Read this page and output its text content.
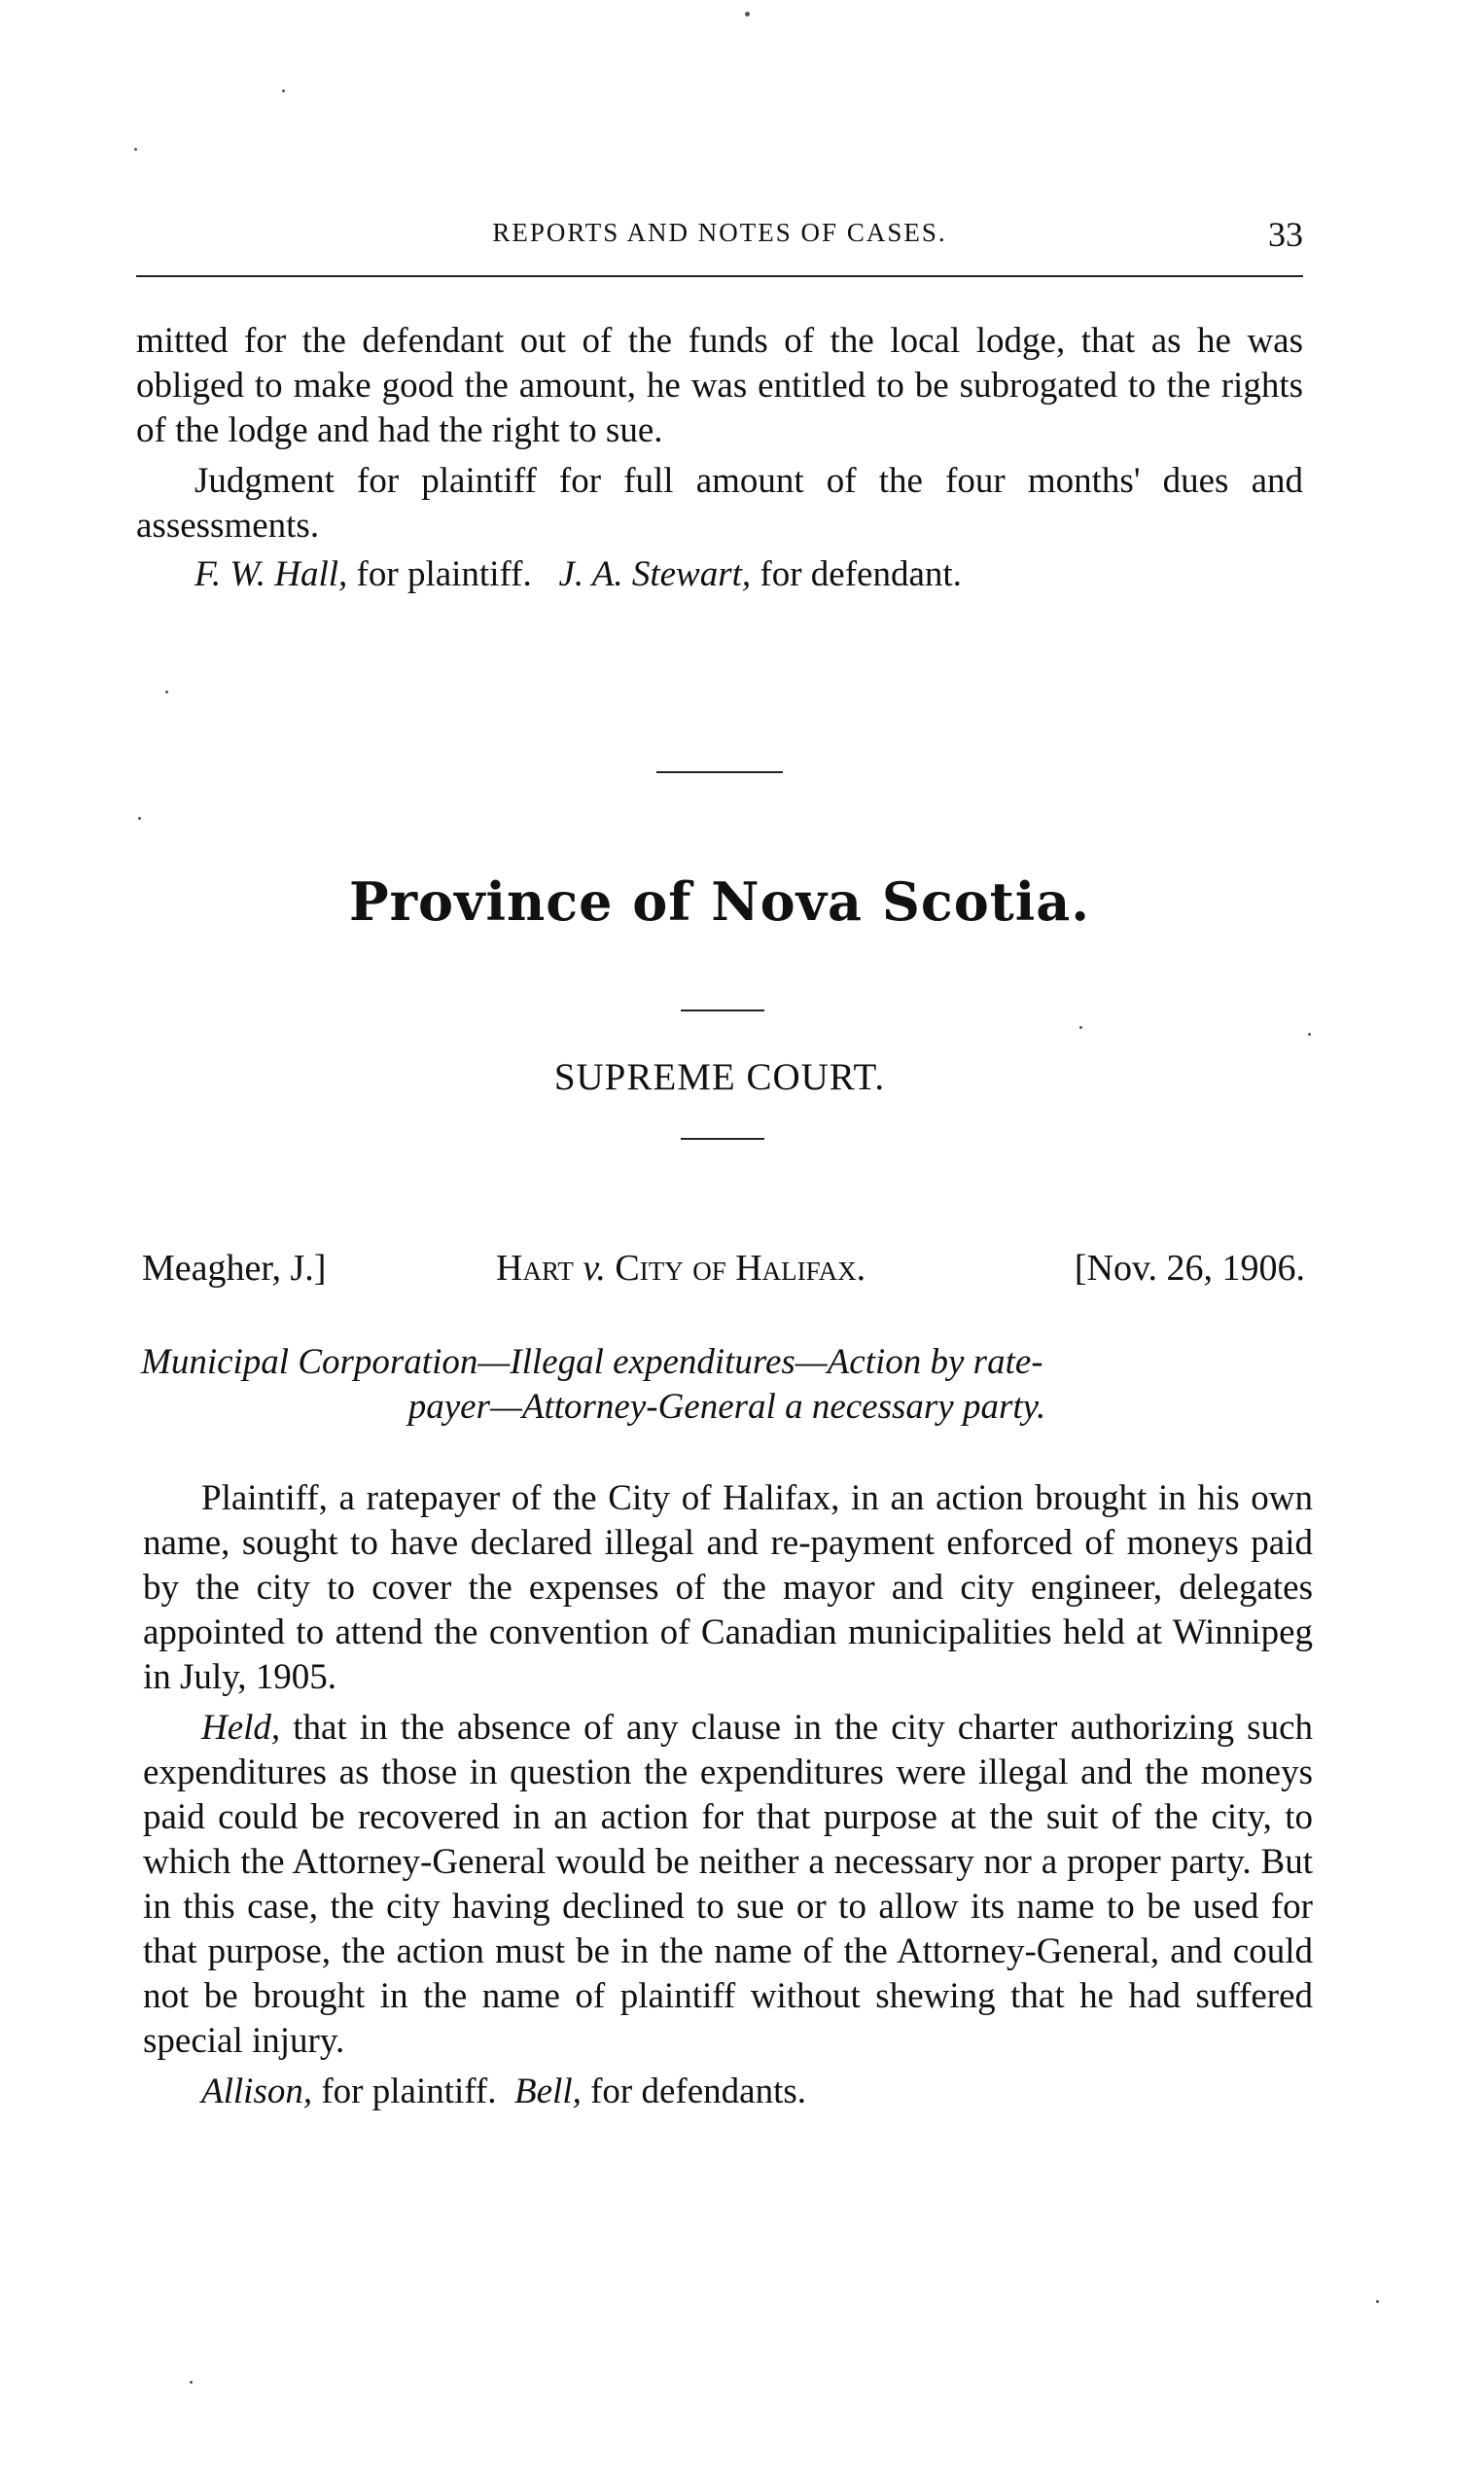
REPORTS AND NOTES OF CASES.	33

mitted for the defendant out of the funds of the local lodge, that as he was obliged to make good the amount, he was entitled to be subrogated to the rights of the lodge and had the right to sue.

Judgment for plaintiff for full amount of the four months' dues and assessments.

F. W. Hall, for plaintiff. J. A. Stewart, for defendant.

Province of Nova Scotia.
SUPREME COURT.
Meagher, J.]	Hart v. City of Halifax.	[Nov. 26, 1906.
Municipal Corporation—Illegal expenditures—Action by rate-
payer—Attorney-General a necessary party.

Plaintiff, a ratepayer of the City of Halifax, in an action brought in his own name, sought to have declared illegal and re-payment enforced of moneys paid by the city to cover the expenses of the mayor and city engineer, delegates appointed to attend the convention of Canadian municipalities held at Winnipeg in July, 1905.

Held, that in the absence of any clause in the city charter authorizing such expenditures as those in question the expenditures were illegal and the moneys paid could be recovered in an action for that purpose at the suit of the city, to which the Attorney-General would be neither a necessary nor a proper party. But in this case, the city having declined to sue or to allow its name to be used for that purpose, the action must be in the name of the Attorney-General, and could not be brought in the name of plaintiff without shewing that he had suffered special injury.

Allison, for plaintiff. Bell, for defendants.
